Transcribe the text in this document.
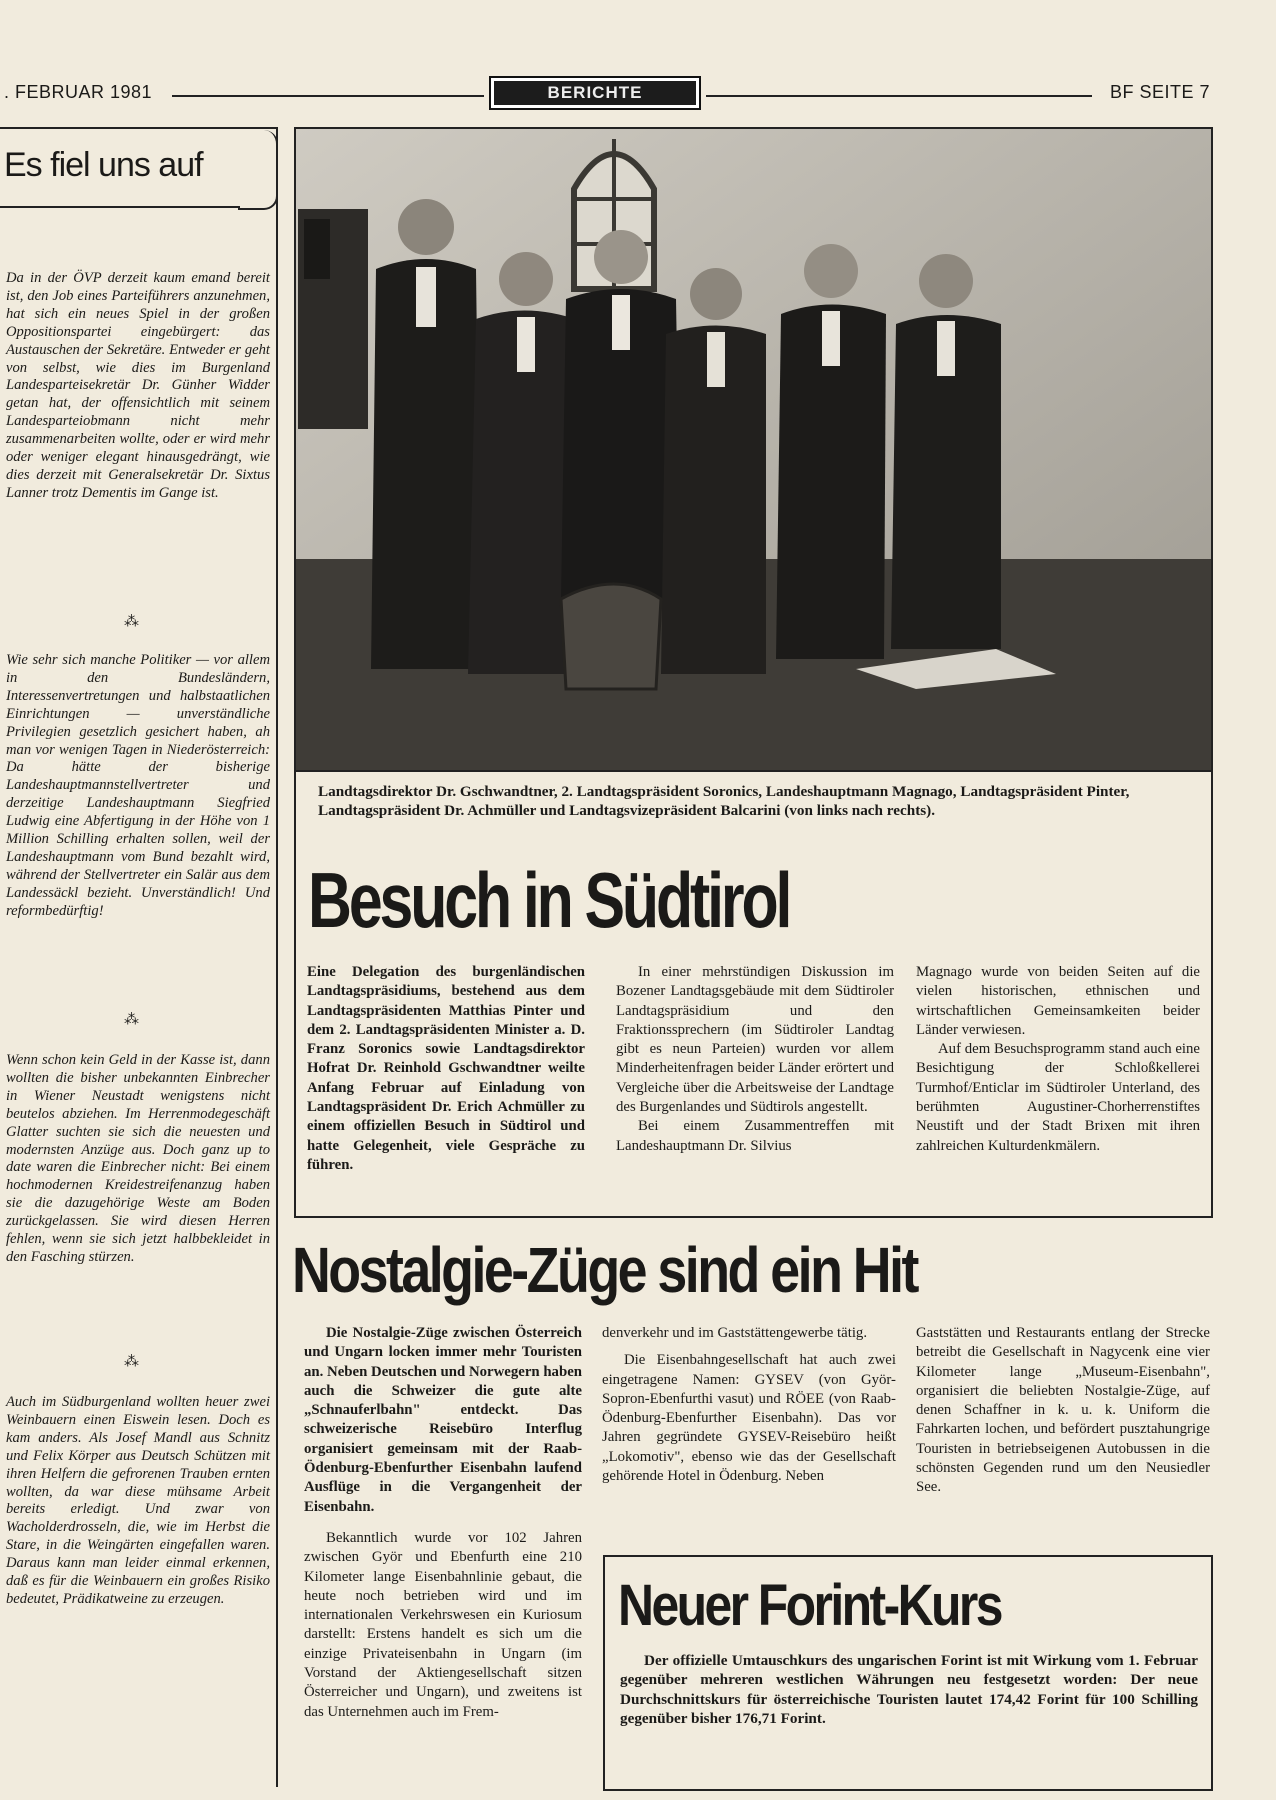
. FEBRUAR 1981	BERICHTE	BF SEITE 7
Es fiel uns auf
Da in der ÖVP derzeit kaum emand bereit ist, den Job eines Parteiführers anzunehmen, hat sich ein neues Spiel in der großen Oppositionspartei eingebürgert: das Austauschen der Sekretäre. Entweder er geht von selbst, wie dies im Burgenland Landesparteisekretär Dr. Günher Widder getan hat, der offensichtlich mit seinem Landesparteiobmann nicht mehr zusammenarbeiten wollte, oder er wird mehr oder weniger elegant hinausgedrängt, wie dies derzeit mit Generalsekretär Dr. Sixtus Lanner trotz Dementis im Gange ist.
⁂
Wie sehr sich manche Politiker — vor allem in den Bundesländern, Interessenvertretungen und halbstaatlichen Einrichtungen — unverständliche Privilegien gesetzlich gesichert haben, ah man vor wenigen Tagen in Niederösterreich: Da hätte der bisherige Landeshauptmannstellvertreter und derzeitige Landeshauptmann Siegfried Ludwig eine Abfertigung in der Höhe von 1 Million Schilling erhalten sollen, weil der Landeshauptmann vom Bund bezahlt wird, während der Stellvertreter ein Salär aus dem Landessäckl bezieht. Unverständlich! Und reformbedürftig!
⁂
Wenn schon kein Geld in der Kasse ist, dann wollten die bisher unbekannten Einbrecher in Wiener Neustadt wenigstens nicht beutelos abziehen. Im Herrenmodegeschäft Glatter suchten sie sich die neuesten und modernsten Anzüge aus. Doch ganz up to date waren die Einbrecher nicht: Bei einem hochmodernen Kreidestreifenanzug haben sie die dazugehörige Weste am Boden zurückgelassen. Sie wird diesen Herren fehlen, wenn sie sich jetzt halbbekleidet in den Fasching stürzen.
⁂
Auch im Südburgenland wollten heuer zwei Weinbauern einen Eiswein lesen. Doch es kam anders. Als Josef Mandl aus Schnitz und Felix Körper aus Deutsch Schützen mit ihren Helfern die gefrorenen Trauben ernten wollten, da war diese mühsame Arbeit bereits erledigt. Und zwar von Wacholderdrosseln, die, wie im Herbst die Stare, in die Weingärten eingefallen waren. Daraus kann man leider einmal erkennen, daß es für die Weinbauern ein großes Risiko bedeutet, Prädikatweine zu erzeugen.
Landtagsdirektor Dr. Gschwandtner, 2. Landtagspräsident Soronics, Landeshauptmann Magnago, Landtagspräsident Pinter, Landtagspräsident Dr. Achmüller und Landtagsvizepräsident Balcarini (von links nach rechts).
Besuch in Südtirol
Eine Delegation des burgenländischen Landtagspräsidiums, bestehend aus dem Landtagspräsidenten Matthias Pinter und dem 2. Landtagspräsidenten Minister a. D. Franz Soronics sowie Landtagsdirektor Hofrat Dr. Reinhold Gschwandtner weilte Anfang Februar auf Einladung von Landtagspräsident Dr. Erich Achmüller zu einem offiziellen Besuch in Südtirol und hatte Gelegenheit, viele Gespräche zu führen.

In einer mehrstündigen Diskussion im Bozener Landtagsgebäude mit dem Südtiroler Landtagspräsidium und den Fraktionssprechern (im Südtiroler Landtag gibt es neun Parteien) wurden vor allem Minderheitenfragen beider Länder erörtert und Vergleiche über die Arbeitsweise der Landtage des Burgenlandes und Südtirols angestellt.

Bei einem Zusammentreffen mit Landeshauptmann Dr. Silvius

Magnago wurde von beiden Seiten auf die vielen historischen, ethnischen und wirtschaftlichen Gemeinsamkeiten beider Länder verwiesen.

Auf dem Besuchsprogramm stand auch eine Besichtigung der Schloßkellerei Turmhof/Enticlar im Südtiroler Unterland, des berühmten Augustiner-Chorherrenstiftes Neustift und der Stadt Brixen mit ihren zahlreichen Kulturdenkmälern.

Nostalgie-Züge sind ein Hit

Die Nostalgie-Züge zwischen Österreich und Ungarn locken immer mehr Touristen an. Neben Deutschen und Norwegern haben auch die Schweizer die gute alte „Schnauferlbahn" entdeckt. Das schweizerische Reisebüro Interflug organisiert gemeinsam mit der Raab-Ödenburg-Ebenfurther Eisenbahn laufend Ausflüge in die Vergangenheit der Eisenbahn.

Bekanntlich wurde vor 102 Jahren zwischen Györ und Ebenfurth eine 210 Kilometer lange Eisenbahnlinie gebaut, die heute noch betrieben wird und im internationalen Verkehrswesen ein Kuriosum darstellt: Erstens handelt es sich um die einzige Privateisenbahn in Ungarn (im Vorstand der Aktiengesellschaft sitzen Österreicher und Ungarn), und zweitens ist das Unternehmen auch im Frem-

denverkehr und im Gaststättengewerbe tätig.

Die Eisenbahngesellschaft hat auch zwei eingetragene Namen: GYSEV (von Györ-Sopron-Ebenfurthi vasut) und RÖEE (von Raab-Ödenburg-Ebenfurther Eisenbahn). Das vor Jahren gegründete GYSEV-Reisebüro heißt „Lokomotiv", ebenso wie das der Gesellschaft gehörende Hotel in Ödenburg. Neben

Gaststätten und Restaurants entlang der Strecke betreibt die Gesellschaft in Nagycenk eine vier Kilometer lange „Museum-Eisenbahn", organisiert die beliebten Nostalgie-Züge, auf denen Schaffner in k. u. k. Uniform die Fahrkarten lochen, und befördert pusztahungrige Touristen in betriebseigenen Autobussen in die schönsten Gegenden rund um den Neusiedler See.
Neuer Forint-Kurs
Der offizielle Umtauschkurs des ungarischen Forint ist mit Wirkung vom 1. Februar gegenüber mehreren westlichen Währungen neu festgesetzt worden: Der neue Durchschnittskurs für österreichische Touristen lautet 174,42 Forint für 100 Schilling gegenüber bisher 176,71 Forint.
